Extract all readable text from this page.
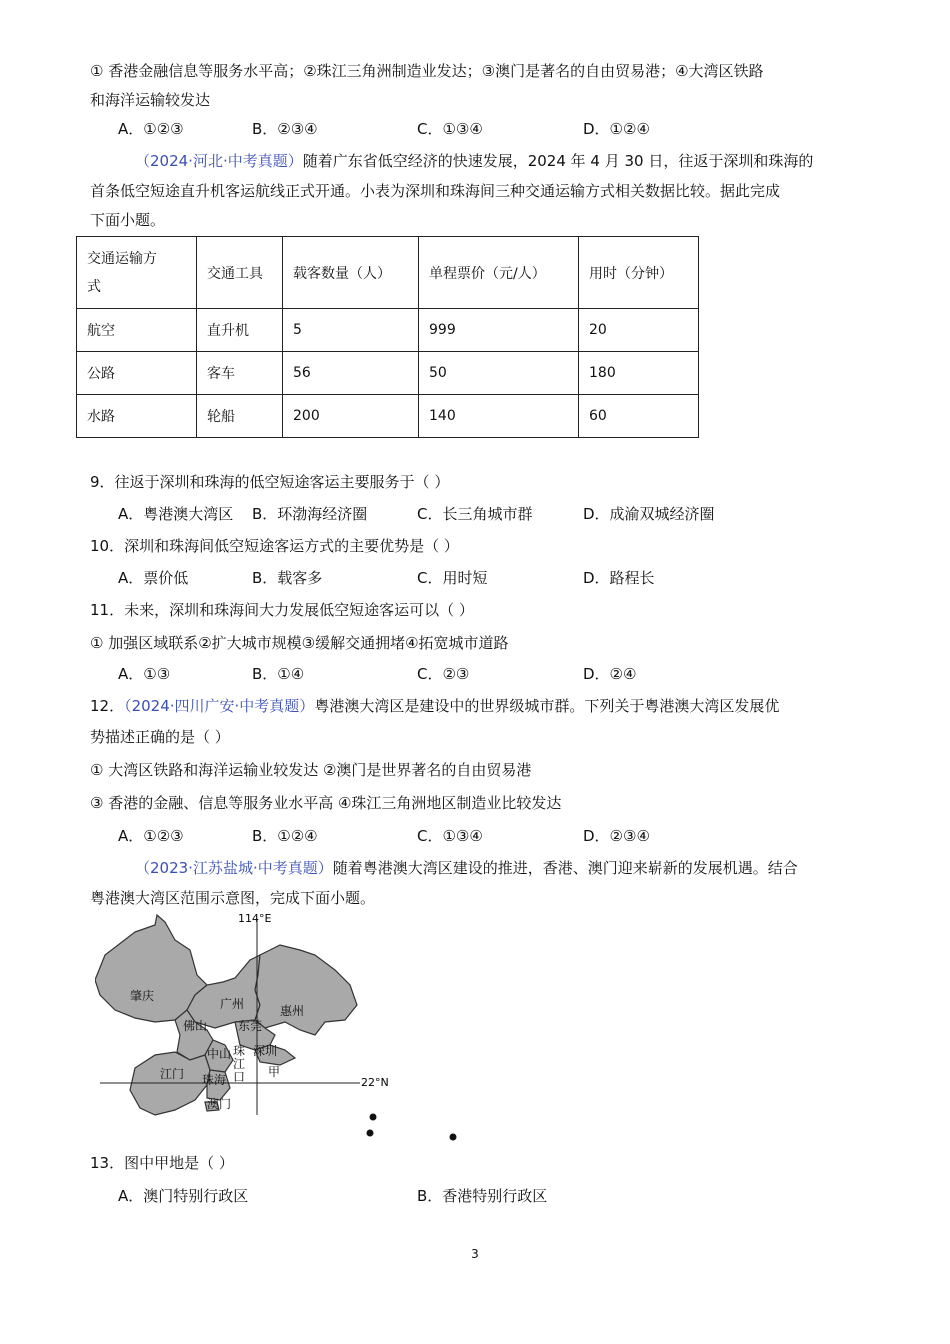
① 香港金融信息等服务水平高；②珠江三角洲制造业发达；③澳门是著名的自由贸易港；④大湾区铁路
和海洋运输较发达
A．①②③	B．②③④	C．①③④	D．①②④
（2024·河北·中考真题）随着广东省低空经济的快速发展，2024 年 4 月 30 日，往返于深圳和珠海的
首条低空短途直升机客运航线正式开通。小表为深圳和珠海间三种交通运输方式相关数据比较。据此完成
下面小题。
交通运输方
式	交通工具	载客数量（人）	单程票价（元/人）	用时（分钟）
航空	直升机	5	999	20
公路	客车	56	50	180
水路	轮船	200	140	60
9．往返于深圳和珠海的低空短途客运主要服务于（ ）
A．粤港澳大湾区 B．环渤海经济圈	C．长三角城市群	D．成渝双城经济圈
10．深圳和珠海间低空短途客运方式的主要优势是（ ）
A．票价低	B．载客多	C．用时短	D．路程长
11．未来，深圳和珠海间大力发展低空短途客运可以（ ）
① 加强区域联系②扩大城市规模③缓解交通拥堵④拓宽城市道路
A．①③	B．①④	C．②③	D．②④
12．（2024·四川广安·中考真题）粤港澳大湾区是建设中的世界级城市群。下列关于粤港澳大湾区发展优
势描述正确的是（ ）
① 大湾区铁路和海洋运输业较发达 ②澳门是世界著名的自由贸易港
③ 香港的金融、信息等服务业水平高 ④珠江三角洲地区制造业比较发达
A．①②③	B．①②④	C．①③④	D．②③④
（2023·江苏盐城·中考真题）随着粤港澳大湾区建设的推进，香港、澳门迎来崭新的发展机遇。结合
粤港澳大湾区范围示意图，完成下面小题。
114°E
22°N
肇庆
广州	惠州
佛山	东莞
中山 珠
江
口
深圳
甲
江门 珠海
澳门
13．图中甲地是（ ）
A．澳门特别行政区	B．香港特别行政区
3
